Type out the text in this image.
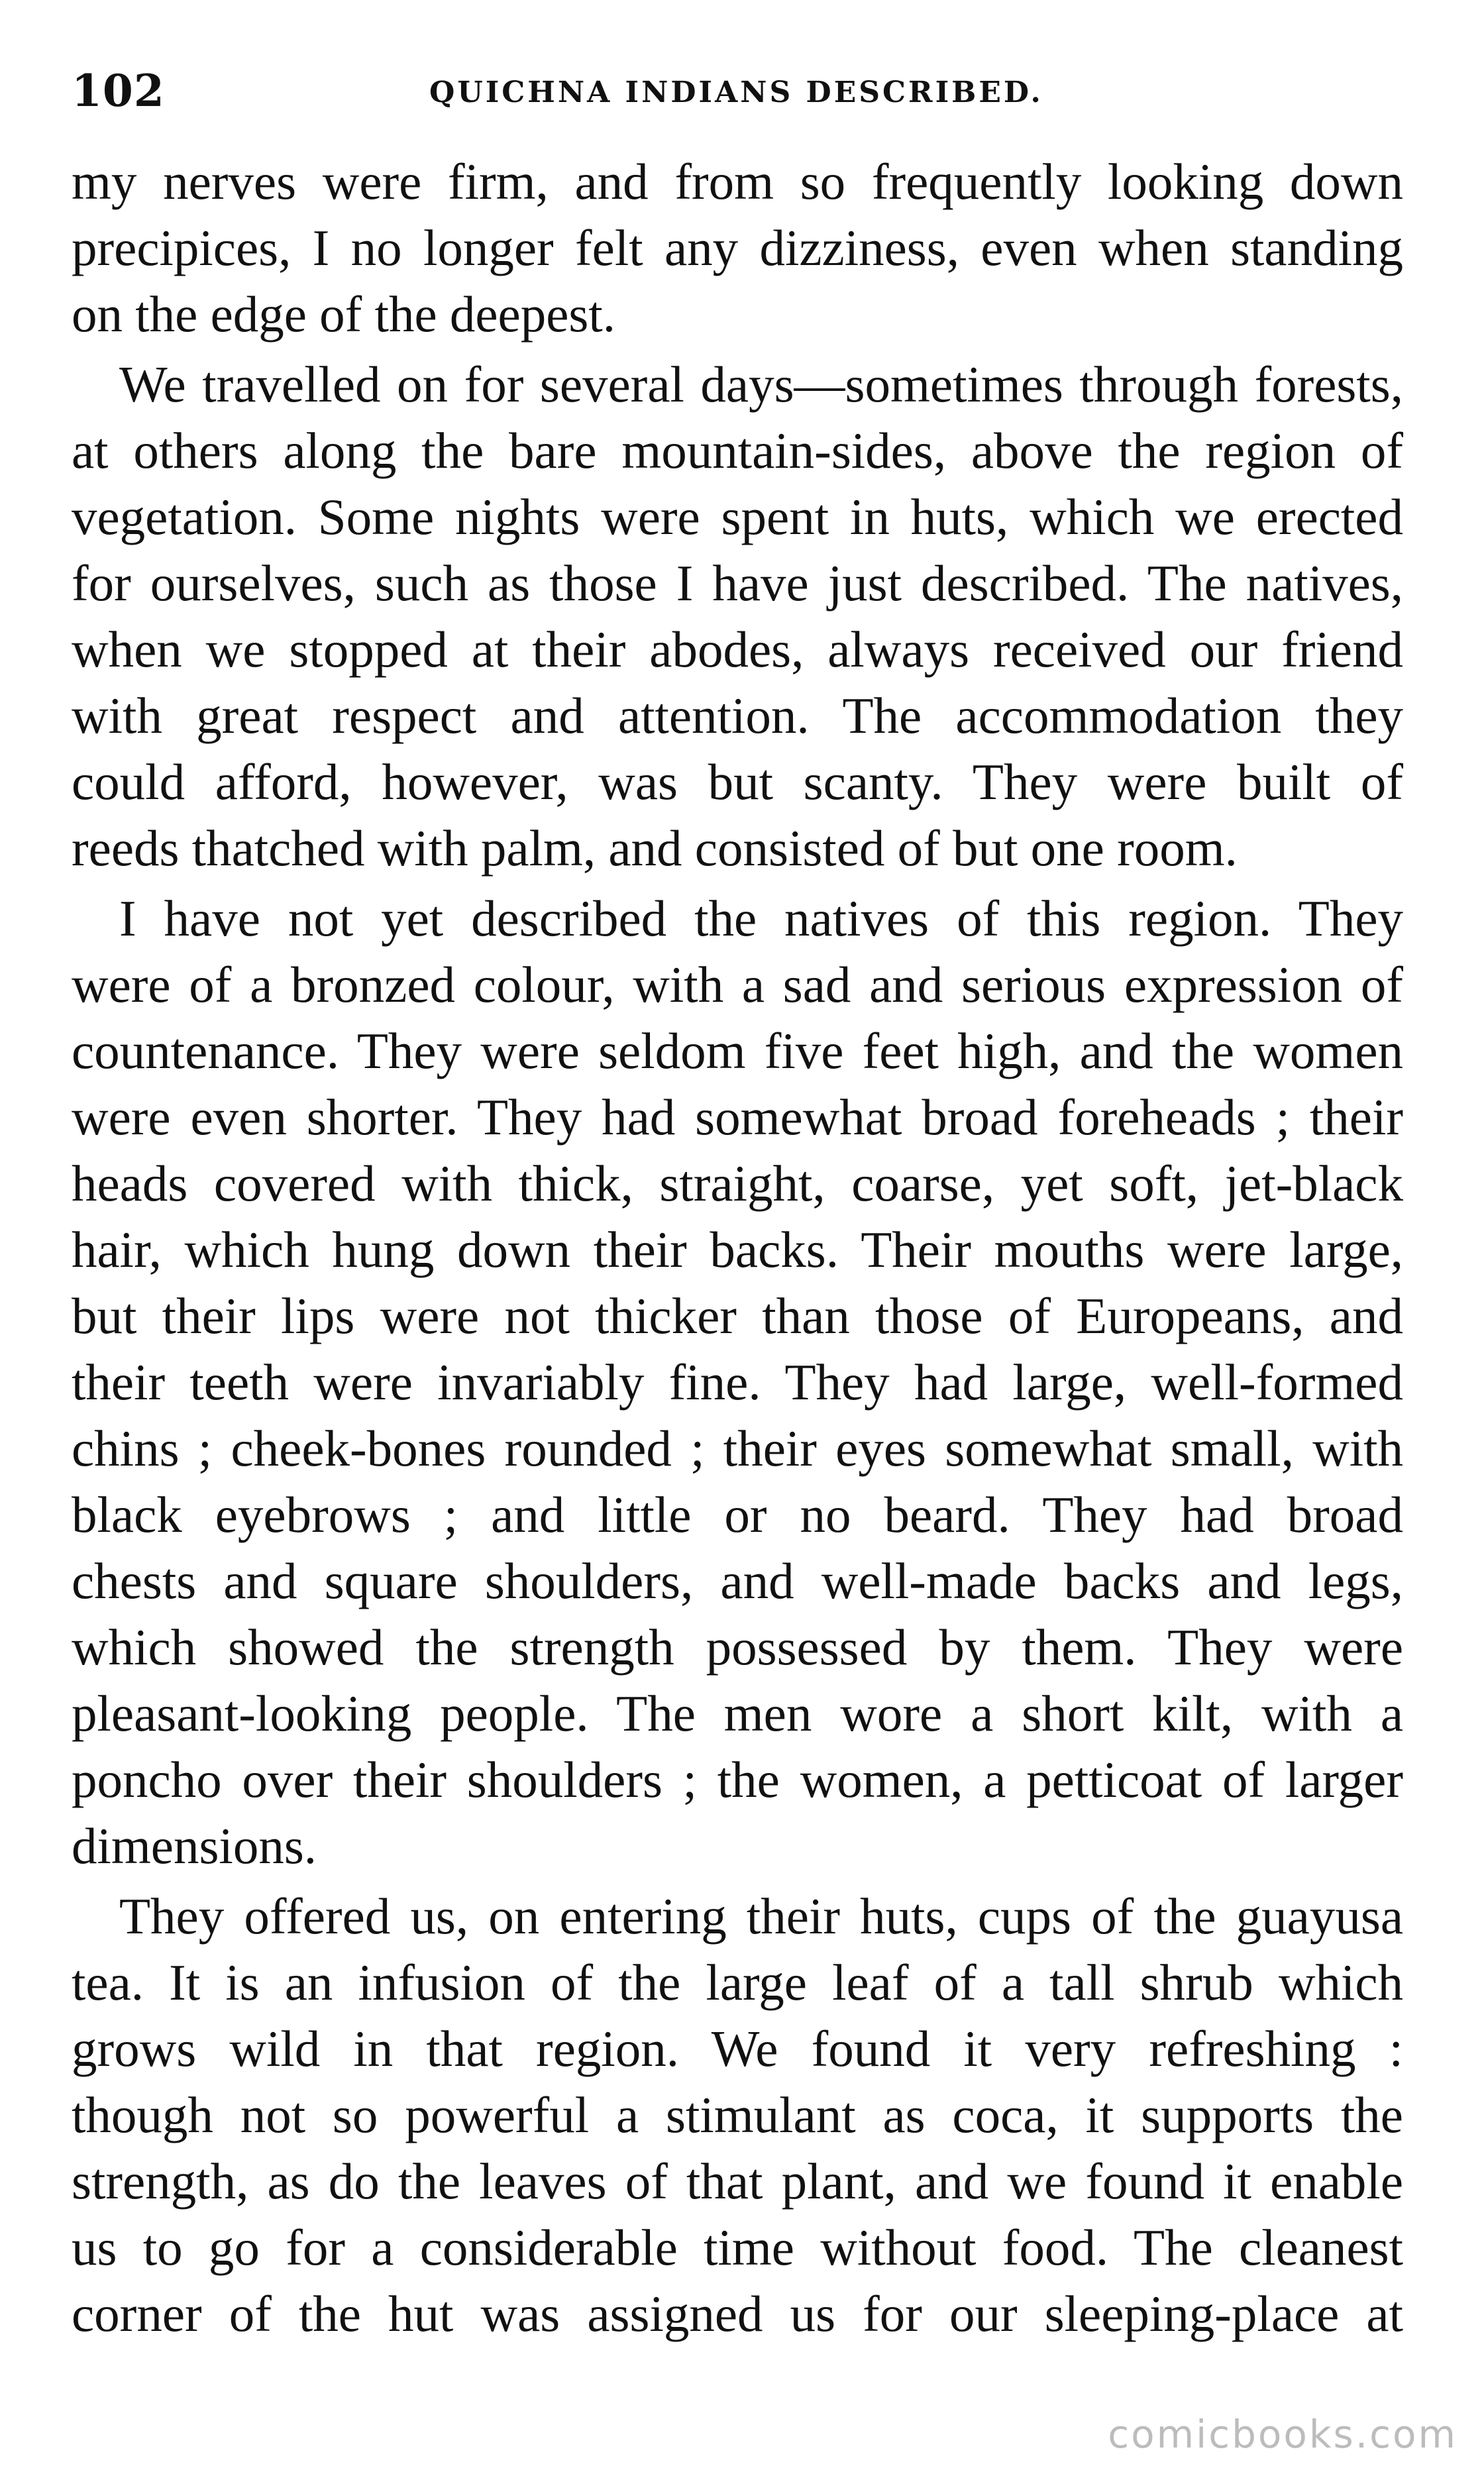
102	QUICHNA INDIANS DESCRIBED.
my nerves were firm, and from so frequently looking down
precipices, I no longer felt any dizziness, even when standing
on the edge of the deepest.
We travelled on for several days—sometimes through forests,
at others along the bare mountain-sides, above the region of
vegetation. Some nights were spent in huts, which we erected
for ourselves, such as those I have just described. The natives,
when we stopped at their abodes, always received our friend
with great respect and attention. The accommodation they
could afford, however, was but scanty. They were built of
reeds thatched with palm, and consisted of but one room.
I have not yet described the natives of this region. They
were of a bronzed colour, with a sad and serious expression of
countenance. They were seldom five feet high, and the women
were even shorter. They had somewhat broad foreheads ; their
heads covered with thick, straight, coarse, yet soft, jet-black
hair, which hung down their backs. Their mouths were large,
but their lips were not thicker than those of Europeans, and
their teeth were invariably fine. They had large, well-formed
chins ; cheek-bones rounded ; their eyes somewhat small, with
black eyebrows ; and little or no beard. They had broad
chests and square shoulders, and well-made backs and legs,
which showed the strength possessed by them. They were
pleasant-looking people. The men wore a short kilt, with a
poncho over their shoulders ; the women, a petticoat of larger
dimensions.
They offered us, on entering their huts, cups of the guayusa
tea. It is an infusion of the large leaf of a tall shrub which
grows wild in that region. We found it very refreshing :
though not so powerful a stimulant as coca, it supports the
strength, as do the leaves of that plant, and we found it enable
us to go for a considerable time without food. The cleanest
corner of the hut was assigned us for our sleeping-place at
comicbooks.com
